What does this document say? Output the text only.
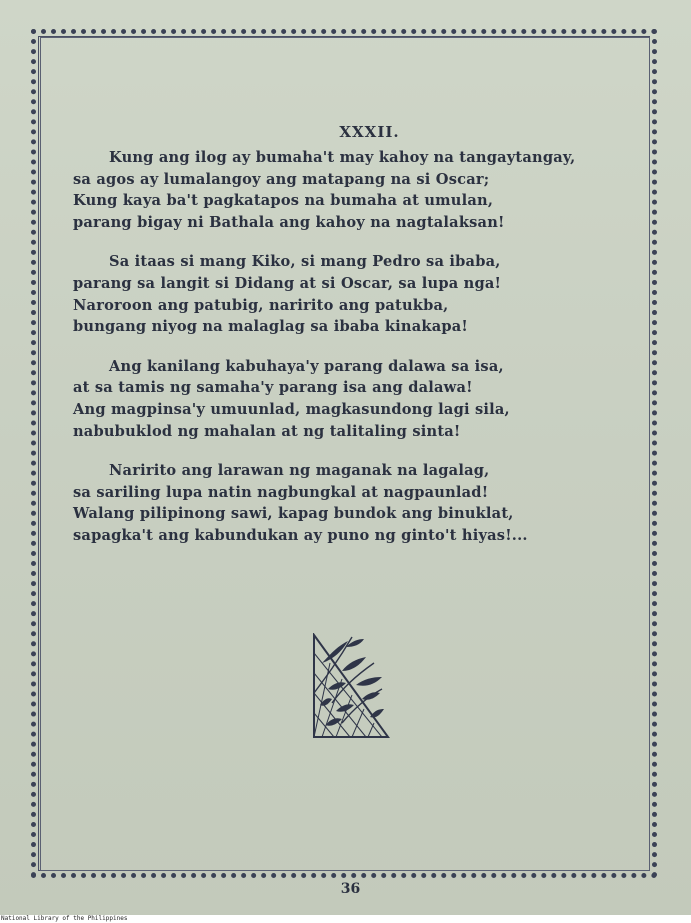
XXXII.
Kung ang ilog ay bumaha't may kahoy na tangaytangay,
sa agos ay lumalangoy ang matapang na si Oscar;
Kung kaya ba't pagkatapos na bumaha at umulan,
parang bigay ni Bathala ang kahoy na nagtalaksan!
Sa itaas si mang Kiko, si mang Pedro sa ibaba,
parang sa langit si Didang at si Oscar, sa lupa nga!
Naroroon ang patubig, naririto ang patukba,
bungang niyog na malaglag sa ibaba kinakapa!
Ang kanilang kabuhaya'y parang dalawa sa isa,
at sa tamis ng samaha'y parang isa ang dalawa!
Ang magpinsa'y umuunlad, magkasundong lagi sila,
nabubuklod ng mahalan at ng talitaling sinta!
Naririto ang larawan ng maganak na lagalag,
sa sariling lupa natin nagbungkal at nagpaunlad!
Walang pilipinong sawi, kapag bundok ang binuklat,
sapagka't ang kabundukan ay puno ng ginto't hiyas!...
36
National Library of the Philippines
